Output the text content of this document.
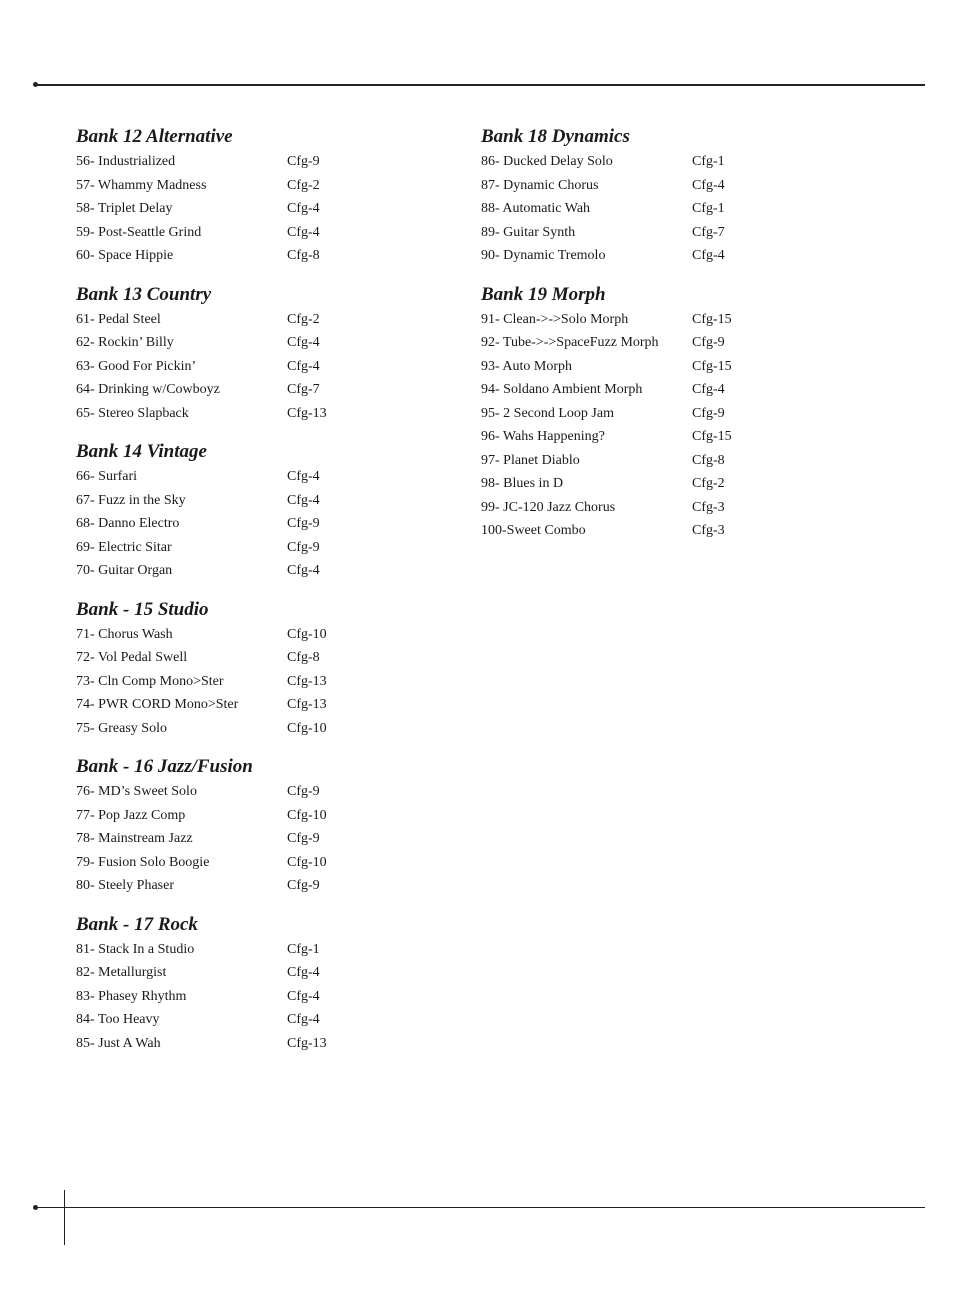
Bank 12 Alternative
56- Industrialized	Cfg-9
57- Whammy Madness	Cfg-2
58- Triplet Delay	Cfg-4
59- Post-Seattle Grind	Cfg-4
60- Space Hippie	Cfg-8
Bank 13 Country
61- Pedal Steel	Cfg-2
62- Rockin’ Billy	Cfg-4
63- Good For Pickin’	Cfg-4
64- Drinking w/Cowboyz	Cfg-7
65- Stereo Slapback	Cfg-13
Bank 14 Vintage
66- Surfari	Cfg-4
67- Fuzz in the Sky	Cfg-4
68- Danno Electro	Cfg-9
69- Electric Sitar	Cfg-9
70- Guitar Organ	Cfg-4
Bank - 15 Studio
71- Chorus Wash	Cfg-10
72- Vol Pedal Swell	Cfg-8
73- Cln Comp Mono>Ster	Cfg-13
74- PWR CORD Mono>Ster	Cfg-13
75- Greasy Solo	Cfg-10
Bank - 16 Jazz/Fusion
76- MD’s Sweet Solo	Cfg-9
77- Pop Jazz Comp	Cfg-10
78- Mainstream Jazz	Cfg-9
79- Fusion Solo Boogie	Cfg-10
80- Steely Phaser	Cfg-9
Bank - 17 Rock
81- Stack In a Studio	Cfg-1
82- Metallurgist	Cfg-4
83- Phasey Rhythm	Cfg-4
84- Too Heavy	Cfg-4
85- Just A Wah	Cfg-13
Bank 18 Dynamics
86- Ducked Delay Solo	Cfg-1
87- Dynamic Chorus	Cfg-4
88- Automatic Wah	Cfg-1
89- Guitar Synth	Cfg-7
90- Dynamic Tremolo	Cfg-4
Bank 19 Morph
91- Clean->->Solo Morph	Cfg-15
92- Tube->->SpaceFuzz Morph	Cfg-9
93- Auto Morph	Cfg-15
94- Soldano Ambient Morph	Cfg-4
95- 2 Second Loop Jam	Cfg-9
96- Wahs Happening?	Cfg-15
97- Planet Diablo	Cfg-8
98- Blues in D	Cfg-2
99- JC-120 Jazz Chorus	Cfg-3
100-Sweet Combo	Cfg-3
